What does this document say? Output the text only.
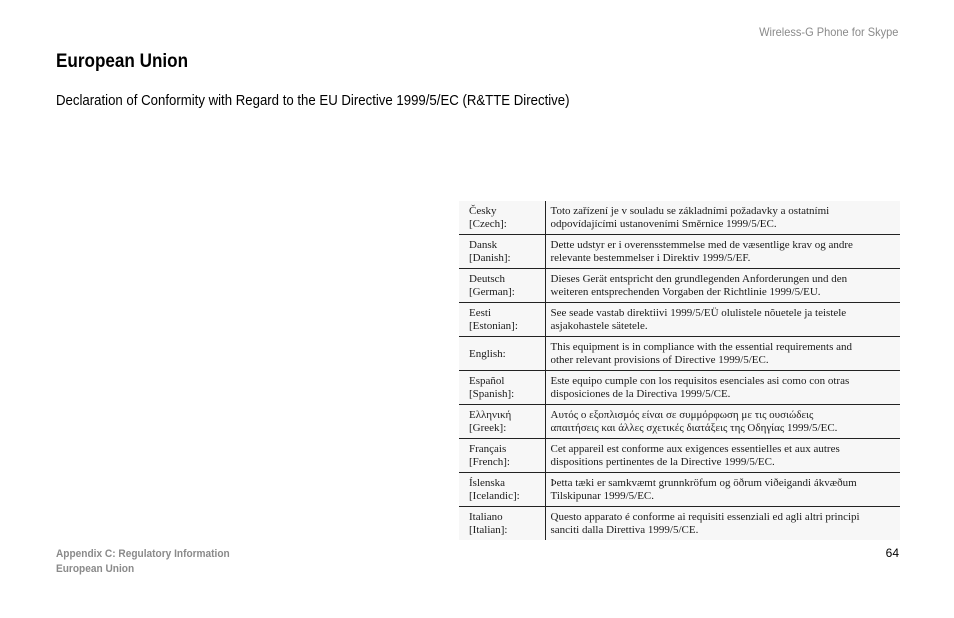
Wireless-G Phone for Skype
European Union
Declaration of Conformity with Regard to the EU Directive 1999/5/EC (R&TTE Directive)
Česky
[Czech]:	Toto zařízení je v souladu se základními požadavky a ostatními
odpovídajícími ustanoveními Směrnice 1999/5/EC.
Dansk
[Danish]:	Dette udstyr er i overensstemmelse med de væsentlige krav og andre
relevante bestemmelser i Direktiv 1999/5/EF.
Deutsch
[German]:	Dieses Gerät entspricht den grundlegenden Anforderungen und den
weiteren entsprechenden Vorgaben der Richtlinie 1999/5/EU.
Eesti
[Estonian]:	See seade vastab direktiivi 1999/5/EÜ olulistele nõuetele ja teistele
asjakohastele sätetele.
English:	This equipment is in compliance with the essential requirements and
other relevant provisions of Directive 1999/5/EC.
Español
[Spanish]:	Este equipo cumple con los requisitos esenciales asi como con otras
disposiciones de la Directiva 1999/5/CE.
Ελληνική
[Greek]:	Αυτός ο εξοπλισμός είναι σε συμμόρφωση με τις ουσιώδεις
απαιτήσεις και άλλες σχετικές διατάξεις της Οδηγίας 1999/5/EC.
Français
[French]:	Cet appareil est conforme aux exigences essentielles et aux autres
dispositions pertinentes de la Directive 1999/5/EC.
Íslenska
[Icelandic]:	Þetta tæki er samkvæmt grunnkröfum og öðrum viðeigandi ákvæðum
Tilskipunar 1999/5/EC.
Italiano
[Italian]:	Questo apparato é conforme ai requisiti essenziali ed agli altri principi
sanciti dalla Direttiva 1999/5/CE.
Appendix C: Regulatory Information
European Union
64
